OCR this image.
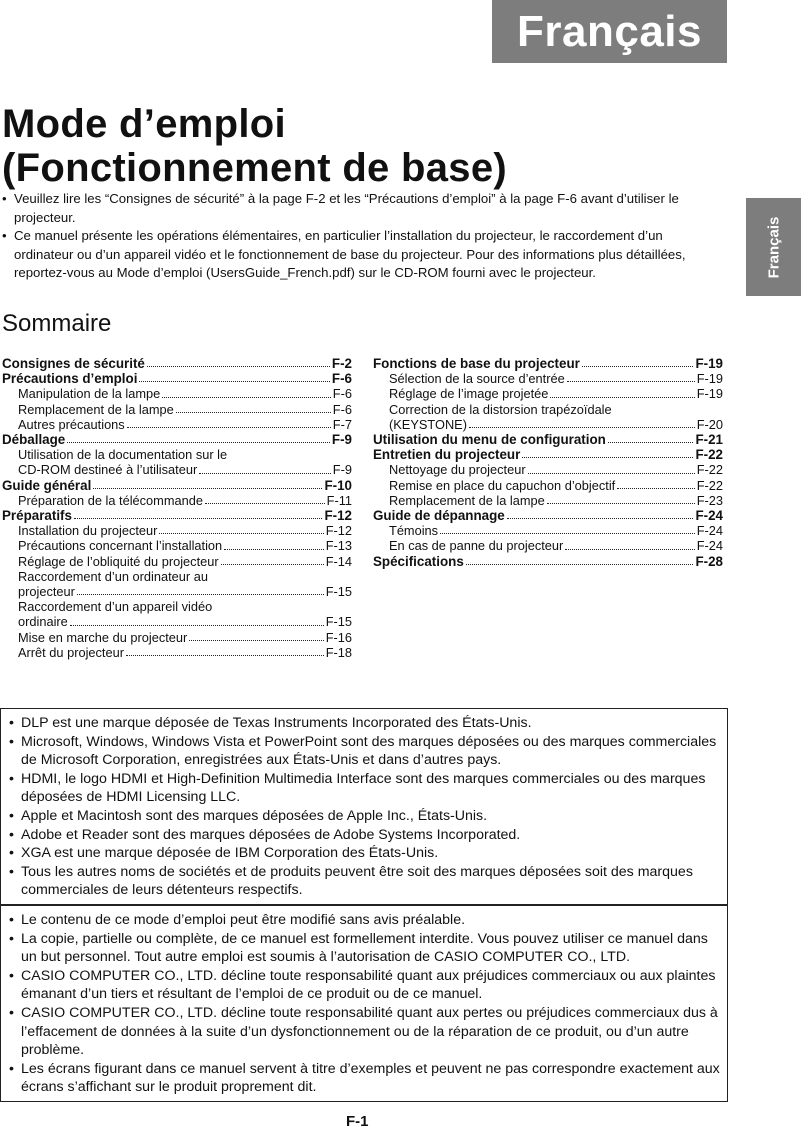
Français
Français
Mode d’emploi
(Fonctionnement de base)
• Veuillez lire les “Consignes de sécurité” à la page F-2 et les “Précautions d’emploi” à la page F-6 avant d’utiliser le projecteur.
• Ce manuel présente les opérations élémentaires, en particulier l’installation du projecteur, le raccordement d’un ordinateur ou d’un appareil vidéo et le fonctionnement de base du projecteur. Pour des informations plus détaillées, reportez-vous au Mode d’emploi (UsersGuide_French.pdf) sur le CD-ROM fourni avec le projecteur.
Sommaire
Consignes de sécurité	F-2
Précautions d’emploi	F-6
Manipulation de la lampe	F-6
Remplacement de la lampe	F-6
Autres précautions	F-7
Déballage	F-9
Utilisation de la documentation sur le
CD-ROM destineé à l’utilisateur	F-9
Guide général	F-10
Préparation de la télécommande	F-11
Préparatifs	F-12
Installation du projecteur	F-12
Précautions concernant l’installation	F-13
Réglage de l’obliquité du projecteur	F-14
Raccordement d’un ordinateur au
projecteur	F-15
Raccordement d’un appareil vidéo
ordinaire	F-15
Mise en marche du projecteur	F-16
Arrêt du projecteur	F-18
Fonctions de base du projecteur	F-19
Sélection de la source d’entrée	F-19
Réglage de l’image projetée	F-19
Correction de la distorsion trapézoïdale
(KEYSTONE)	F-20
Utilisation du menu de configuration	F-21
Entretien du projecteur	F-22
Nettoyage du projecteur	F-22
Remise en place du capuchon d’objectif	F-22
Remplacement de la lampe	F-23
Guide de dépannage	F-24
Témoins	F-24
En cas de panne du projecteur	F-24
Spécifications	F-28
• DLP est une marque déposée de Texas Instruments Incorporated des États-Unis.
• Microsoft, Windows, Windows Vista et PowerPoint sont des marques déposées ou des marques commerciales de Microsoft Corporation, enregistrées aux États-Unis et dans d’autres pays.
• HDMI, le logo HDMI et High-Definition Multimedia Interface sont des marques commerciales ou des marques déposées de HDMI Licensing LLC.
• Apple et Macintosh sont des marques déposées de Apple Inc., États-Unis.
• Adobe et Reader sont des marques déposées de Adobe Systems Incorporated.
• XGA est une marque déposée de IBM Corporation des États-Unis.
• Tous les autres noms de sociétés et de produits peuvent être soit des marques déposées soit des marques commerciales de leurs détenteurs respectifs.
• Le contenu de ce mode d’emploi peut être modifié sans avis préalable.
• La copie, partielle ou complète, de ce manuel est formellement interdite. Vous pouvez utiliser ce manuel dans un but personnel. Tout autre emploi est soumis à l’autorisation de CASIO COMPUTER CO., LTD.
• CASIO COMPUTER CO., LTD. décline toute responsabilité quant aux préjudices commerciaux ou aux plaintes émanant d’un tiers et résultant de l’emploi de ce produit ou de ce manuel.
• CASIO COMPUTER CO., LTD. décline toute responsabilité quant aux pertes ou préjudices commerciaux dus à l’effacement de données à la suite d’un dysfonctionnement ou de la réparation de ce produit, ou d’un autre problème.
• Les écrans figurant dans ce manuel servent à titre d’exemples et peuvent ne pas correspondre exactement aux écrans s’affichant sur le produit proprement dit.
F-1
